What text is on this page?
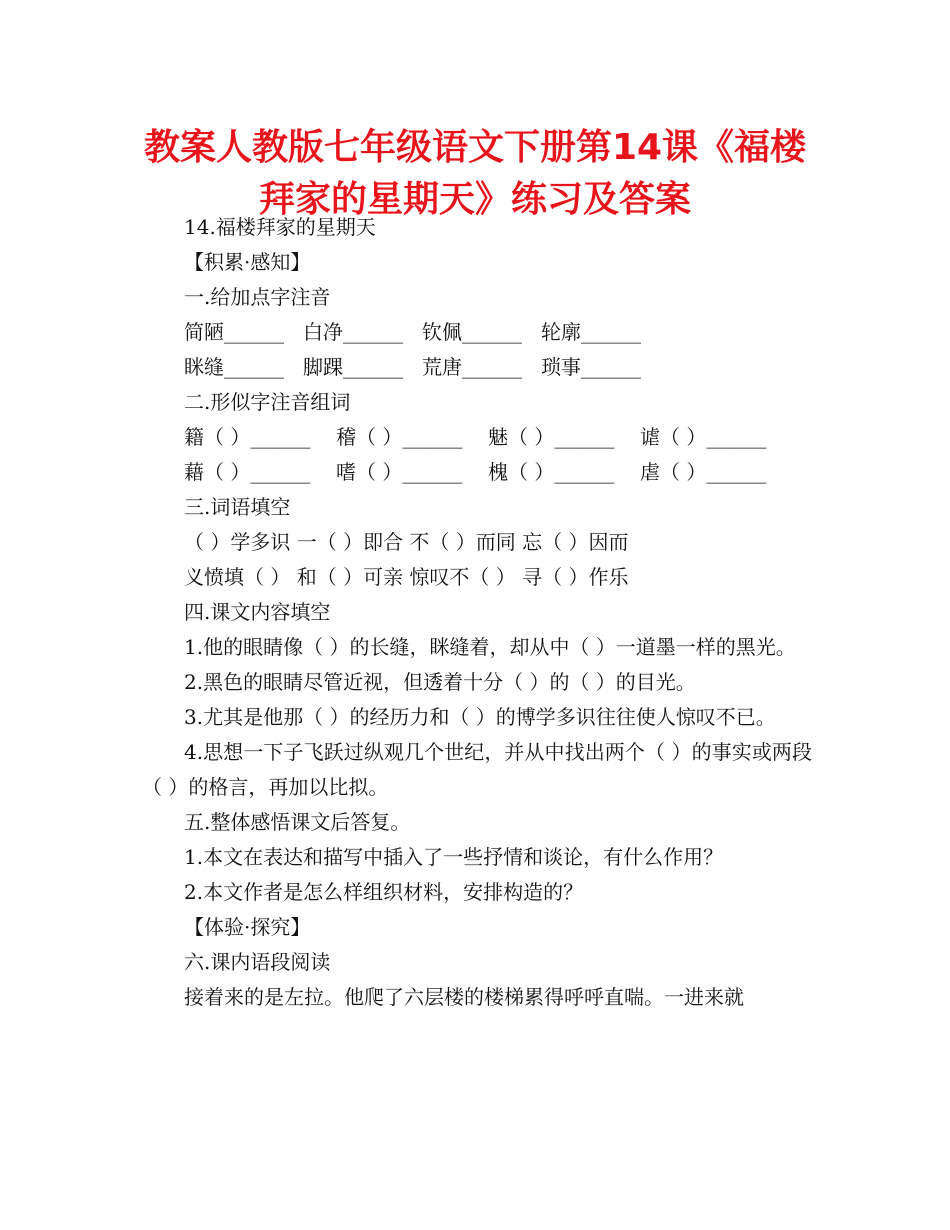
教案人教版七年级语文下册第14课《福楼
拜家的星期天》练习及答案
14.福楼拜家的星期天
【积累·感知】
一.给加点字注音
简陋______ 白净______ 钦佩______ 轮廓______
眯缝______ 脚踝______ 荒唐______ 琐事______
二.形似字注音组词
籍（ ）______	稽（ ）______	魅（ ）______	谑（ ）______
藉（ ）______	嗜（ ）______	槐（ ）______	虐（ ）______
三.词语填空
（ ）学多识 一（ ）即合 不（ ）而同 忘（ ）因而
义愤填（ ） 和（ ）可亲 惊叹不（ ） 寻（ ）作乐
四.课文内容填空
1.他的眼睛像（ ）的长缝，眯缝着，却从中（ ）一道墨一样的黑光。
2.黑色的眼睛尽管近视，但透着十分（ ）的（ ）的目光。
3.尤其是他那（ ）的经历力和（ ）的博学多识往往使人惊叹不已。
4.思想一下子飞跃过纵观几个世纪，并从中找出两个（ ）的事实或两段（ ）的格言，再加以比拟。
五.整体感悟课文后答复。
1.本文在表达和描写中插入了一些抒情和谈论，有什么作用？
2.本文作者是怎么样组织材料，安排构造的？
【体验·探究】
六.课内语段阅读
接着来的是左拉。他爬了六层楼的楼梯累得呼呼直喘。一进来就
